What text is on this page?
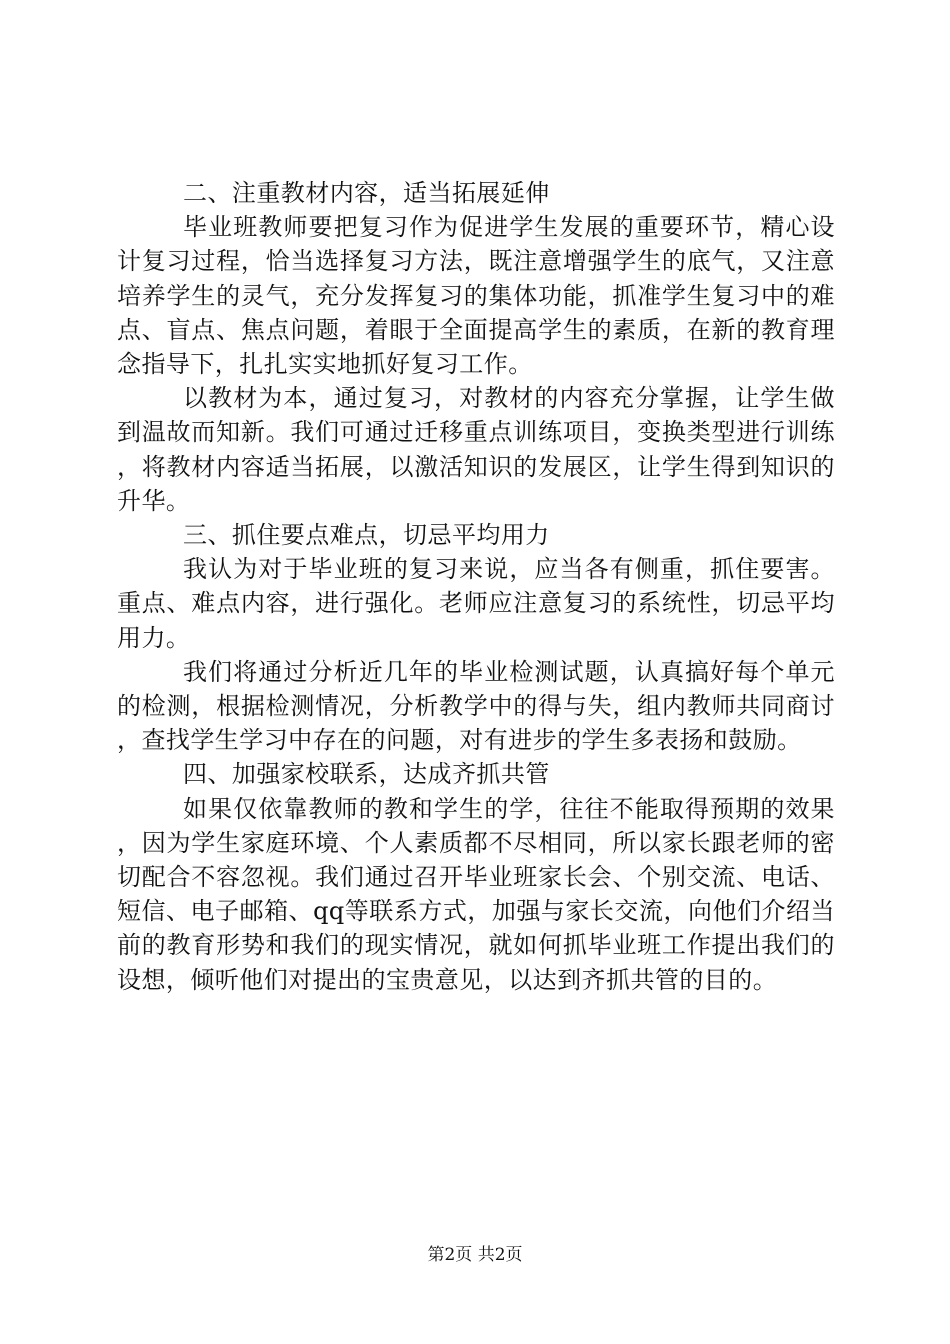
二、注重教材内容，适当拓展延伸

毕业班教师要把复习作为促进学生发展的重要环节，精心设计复习过程，恰当选择复习方法，既注意增强学生的底气，又注意培养学生的灵气，充分发挥复习的集体功能，抓准学生复习中的难点、盲点、焦点问题，着眼于全面提高学生的素质，在新的教育理念指导下，扎扎实实地抓好复习工作。

以教材为本，通过复习，对教材的内容充分掌握，让学生做到温故而知新。我们可通过迁移重点训练项目，变换类型进行训练，将教材内容适当拓展，以激活知识的发展区，让学生得到知识的升华。

三、抓住要点难点，切忌平均用力

我认为对于毕业班的复习来说，应当各有侧重，抓住要害。重点、难点内容，进行强化。老师应注意复习的系统性，切忌平均用力。

我们将通过分析近几年的毕业检测试题，认真搞好每个单元的检测，根据检测情况，分析教学中的得与失，组内教师共同商讨，查找学生学习中存在的问题，对有进步的学生多表扬和鼓励。

四、加强家校联系，达成齐抓共管

如果仅依靠教师的教和学生的学，往往不能取得预期的效果，因为学生家庭环境、个人素质都不尽相同，所以家长跟老师的密切配合不容忽视。我们通过召开毕业班家长会、个别交流、电话、短信、电子邮箱、qq等联系方式，加强与家长交流，向他们介绍当前的教育形势和我们的现实情况，就如何抓毕业班工作提出我们的设想，倾听他们对提出的宝贵意见，以达到齐抓共管的目的。

第2页 共2页
